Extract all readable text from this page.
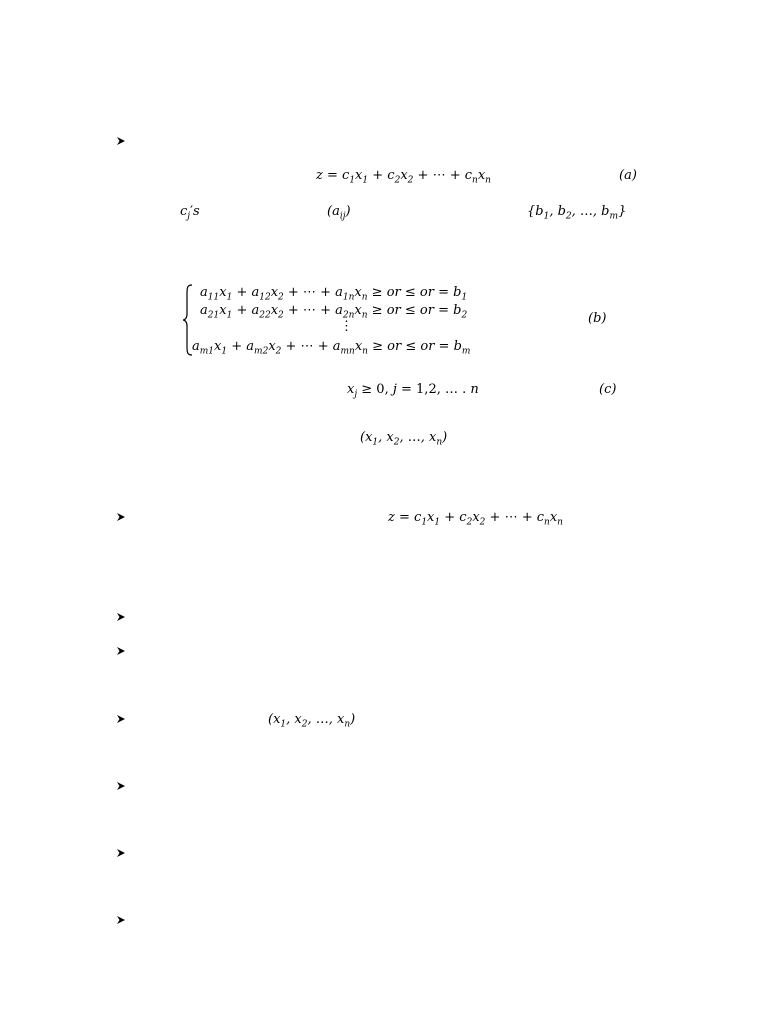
$z = c_1x_1 + c_2x_2$ + ⋯ + $c_nx_n$	(a)
$c_j's$	$(a_{ij})$	{$b_1$, $b_2$, …, $b_m$}
$a_{11}x_1 + a_{12}x_2$ + ⋯ + $a_{1n}x_n$ ≥ or ≤ or = $b_1$
$a_{21}x_1 + a_{22}x_2$ + ⋯ + $a_{2n}x_n$ ≥ or ≤ or = $b_2$
⋮
$a_{m1}x_1 + a_{m2}x_2$ + ⋯ + $a_{mn}x_n$ ≥ or ≤ or = $b_m$
(b)
$x_j \ge 0$, j = 1,2, … . n	(c)
($x_1$, $x_2$, …, $x_n$)
$z = c_1x_1 + c_2x_2$ + ⋯ + $c_nx_n$
($x_1$, $x_2$, …, $x_n$)
